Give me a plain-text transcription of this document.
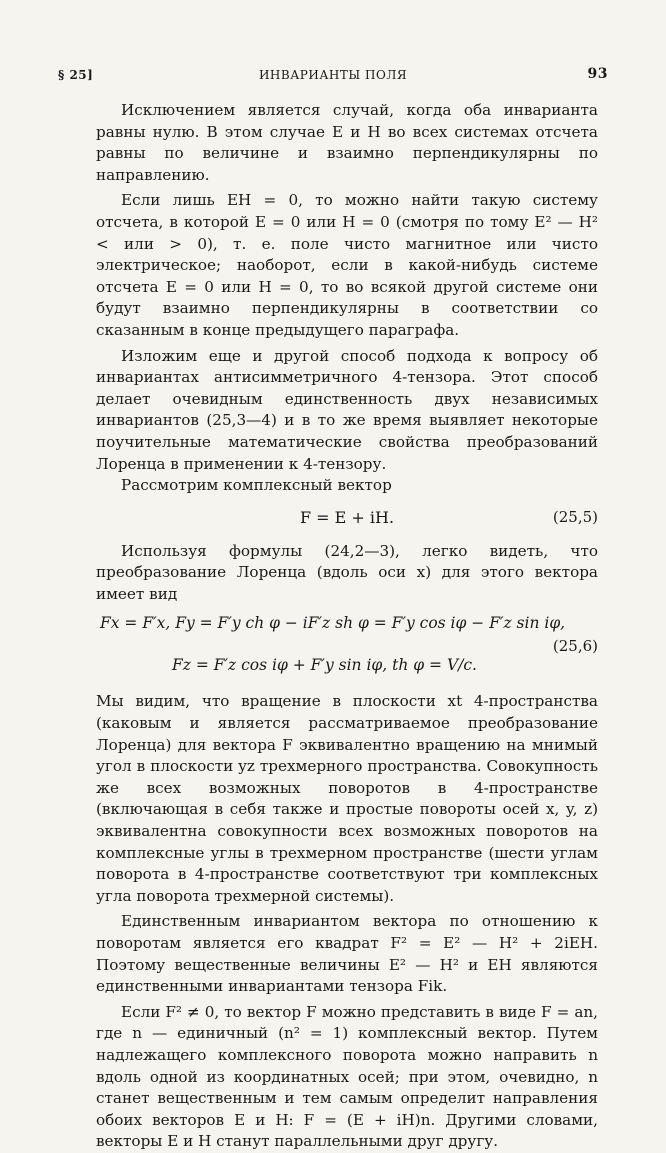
§ 25]	ИНВАРИАНТЫ ПОЛЯ	93

Исключением является случай, когда оба инварианта равны нулю. В этом случае E и H во всех системах отсчета равны по величине и взаимно перпендикулярны по направлению.

Если лишь EH = 0, то можно найти такую систему отсчета, в которой E = 0 или H = 0 (смотря по тому E² — H² < или > 0), т. е. поле чисто магнитное или чисто электрическое; наоборот, если в какой-нибудь системе отсчета E = 0 или H = 0, то во всякой другой системе они будут взаимно перпендикулярны в соответствии со сказанным в конце предыдущего параграфа.

Изложим еще и другой способ подхода к вопросу об инвариантах антисимметричного 4-тензора. Этот способ делает очевидным единственность двух независимых инвариантов (25,3—4) и в то же время выявляет некоторые поучительные математические свойства преобразований Лоренца в применении к 4-тензору.

Рассмотрим комплексный вектор

F = E + iH.	(25,5)

Используя формулы (24,2—3), легко видеть, что преобразование Лоренца (вдоль оси x) для этого вектора имеет вид

Fx = F′x, Fy = F′y ch φ − iF′z sh φ = F′y cos iφ − F′z sin iφ,
Fz = F′z cos iφ + F′y sin iφ, th φ = V/c.
(25,6)

Мы видим, что вращение в плоскости xt 4-пространства (каковым и является рассматриваемое преобразование Лоренца) для вектора F эквивалентно вращению на мнимый угол в плоскости yz трехмерного пространства. Совокупность же всех возможных поворотов в 4-пространстве (включающая в себя также и простые повороты осей x, y, z) эквивалентна совокупности всех возможных поворотов на комплексные углы в трехмерном пространстве (шести углам поворота в 4-пространстве соответствуют три комплексных угла поворота трехмерной системы).

Единственным инвариантом вектора по отношению к поворотам является его квадрат F² = E² — H² + 2iEH. Поэтому вещественные величины E² — H² и EH являются единственными инвариантами тензора Fik.

Если F² ≠ 0, то вектор F можно представить в виде F = an, где n — единичный (n² = 1) комплексный вектор. Путем надлежащего комплексного поворота можно направить n вдоль одной из координатных осей; при этом, очевидно, n станет вещественным и тем самым определит направления обоих векторов E и H: F = (E + iH)n. Другими словами, векторы E и H станут параллельными друг другу.
